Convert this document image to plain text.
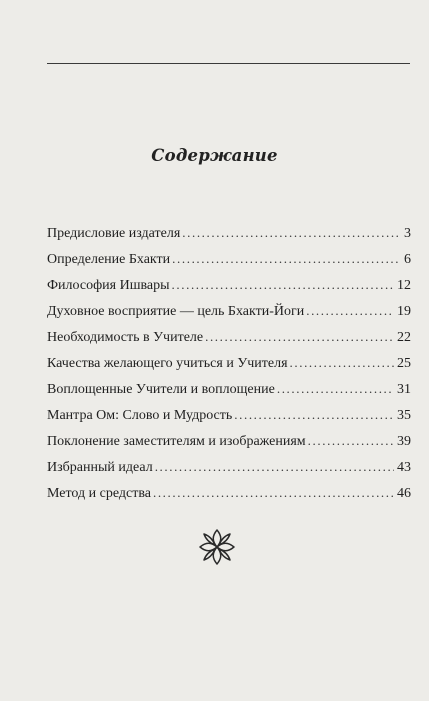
Содержание
Предисловие издателя .....	3
Определение Бхакти .....	6
Философия Ишвары .....	12
Духовное восприятие — цель Бхакти-Йоги .....	19
Необходимость в Учителе .....	22
Качества желающего учиться и Учителя .....	25
Воплощенные Учители и воплощение .....	31
Мантра Ом: Слово и Мудрость .....	35
Поклонение заместителям и изображениям .....	39
Избранный идеал .....	43
Метод и средства .....	46
